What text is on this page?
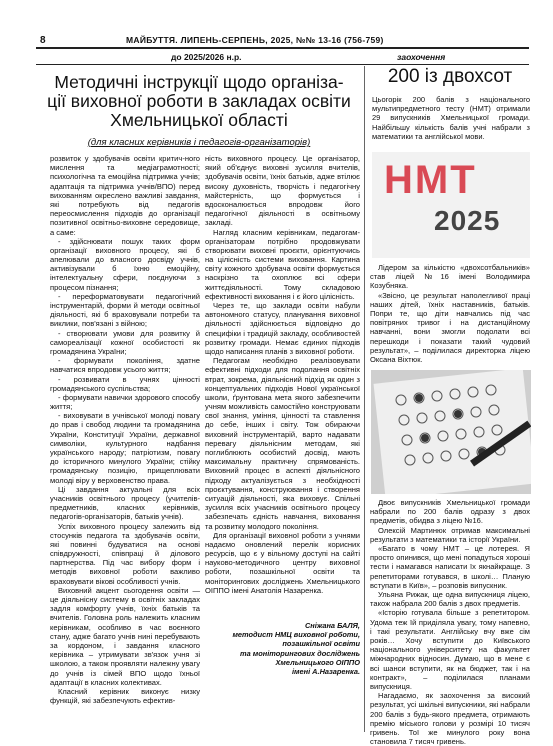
8	МАЙБУТТЯ. ЛИПЕНЬ-СЕРПЕНЬ, 2025, №№ 13-16 (756-759)
до 2025/2026 н.р.	заохочення
Методичні інструкції щодо організа-
ції виховної роботи в закладах освіти
Хмельницької області
(для класних керівників і педагогів-організаторів)

розвиток у здобувачів освіти критич-ного мислення та медіаграмотності; психологічна та емоційна підтримка учнів; адаптація та підтримка учнів/ВПО) перед вихованням окреслено важливі завдання, які потребують від педагогів переосмислення підходів до організації позитивної освітньо-виховне середовище, а саме:

- здійснювати пошук таких форм організації виховного процесу, які б апелювали до власного досвіду учнів, активізували б їхню емоційну, інтелектуальну сфери, поєднуючи з процесом пізнання;

- переформатовувати педагогічний інструментарій, форми й методи освітньої діяльності, які б враховували потреби та виклики, пов'язані з війною;

- створювати умови для розвитку й самореалізації кожної особистості як громадянина України;

- формувати покоління, здатне навчатися впродовж усього життя;

- розвивати в учнях цінності громадянського суспільства;

- формувати навички здорового способу життя;

- виховувати в учнівської молоді повагу до прав і свобод людини та громадянина України, Конституції України, державної символіки, культурного надбання українського народу; патріотизм, повагу до історичного минулого України; стійку громадянську позицію, прищеплювати молоді віру у верховенство права.

Ці завдання актуальні для всіх учасників освітнього процесу (учителів-предметників, класних керівників, педагогів-організаторів, батьків учнів).

Успіх виховного процесу залежить від стосунків педагога та здобувачів освіти, які повинні будуватися на основі співдружності, співпраці й ділового партнерства. Під час вибору форм і методів виховної роботи важливо враховувати вікові особливості учнів.

Виховний акцент сьогодення освіти — це діяльнісну систему в освітніх закладах задля комфорту учнів, їхніх батьків та вчителів. Головна роль належить класним керівникам, особливо в час воєнного стану, адже багато учнів нині перебувають за кордоном, і завдання класного керівника – утримувати зв'язок учня зі школою, а також проявляти належну увагу до учнів із сімей ВПО щодо їхньої адаптації в класних колективах.

Класний керівник виконує низку функцій, які забезпечують ефектив-

ність виховного процесу. Це організатор, який об'єднує виховні зусилля вчителів, здобувачів освіти, їхніх батьків, адже втілює високу духовність, творчість і педагогічну майстерність, що формується і вдосконалюється впродовж його педагогічної діяльності в освітньому закладі.

Нагляд класним керівникам, педагогам-організаторам потрібно продовжувати створювати виховні проєкти, орієнтуючись на цілісність системи виховання. Картина світу кожного здобувача освіти формується наскрізно та охоплює всі сфери життєдіяльності. Тому складовою ефективності виховання і є його цілісність.

Через те, що заклади освіти набули автономного статусу, планування виховної діяльності здійснюється відповідно до специфіки і традицій закладу, особливостей розвитку громади. Немає єдиних підходів щодо написання планів з виховної роботи.

Педагогам необхідно реалізовувати ефективні підходи для подолання освітніх втрат, зокрема, діяльнісний підхід як один з концептуальних підходів Нової української школи, ґрунтована мета якого забезпечити учням можливість самостійно конструювати свої знання, уміння, цінності та ставлення до себе, інших і світу. Тож обираючи виховний інструментарій, варто надавати перевагу діяльнісним методам, які поглиблюють особистий досвід, мають максимальну практичну спрямованість. Виховний процес в аспекті діяльнісного підходу актуалізується з необхідності проєктування, конструювання і створення ситуацій діяльності, яка виховує. Спільні зусилля всіх учасників освітнього процесу забезпечать єдність навчання, виховання та розвитку молодого покоління.

Для організації виховної роботи з учнями надаємо оновлений перелік корисних ресурсів, що є у вільному доступі на сайті науково-методичного центру виховної роботи, позашкільної освіти та моніторингових досліджень Хмельницького ОІППО імені Анатолія Назаренка.

Сніжана БАЛЯ,
методист НМЦ виховної роботи,
позашкільної освіти
та моніторингових досліджень
Хмельницького ОІППО
імені А.Назаренка.
200 із двохсот
Цьогорік 200 балів з національного мультипредметного тесту (НМТ) отримали 29 випускників Хмельницької громади. Найбільшу кількість балів учні набрали з математики та англійської мови.
НМТ
2025

Лідером за кількістю «двохсотбальників» став ліцей №16 імені Володимира Козубняка.

«Звісно, це результат наполегливої праці наших дітей, їхніх наставників, батьків. Попри те, що діти навчались під час повітряних тривог і на дистанційному навчанні, вони змогли подолати всі перешкоди і показати такий чудовий результат», – поділилася директорка ліцею Оксана Віхтюк.

Двоє випускників Хмельницької громади набрали по 200 балів одразу з двох предметів, обидва з ліцею №16.

Олексій Мартинюк отримав максимальні результати з математики та історії України.

«Багато в чому НМТ – це лотерея. Я просто опинився, що мені попадуться хороші тести і намагався написати їх якнайкраще. З репетиторами готувався, в школі… Планую вступати в Київ», – розповів випускник.

Ульяна Рижак, ще одна випускниця ліцею, також набрала 200 балів з двох предметів.

«Історію готувала більше з репетитором. Удома теж їй приділяла увагу, тому напевно, і такі результати. Англійську вчу вже сім років… Хочу вступити до Київського національного університету на факультет міжнародних відносин. Думаю, що в мене є всі шанси вступити, як на бюджет, так і на контракт», – поділилася планами випускниця.

Нагадаємо, як заохочення за високий результат, усі шкільні випускники, які набрали 200 балів з будь-якого предмета, отримають премію міського голови у розмірі 10 тисяч гривень. Тої же минулого року вона становила 7 тисяч гривень.
